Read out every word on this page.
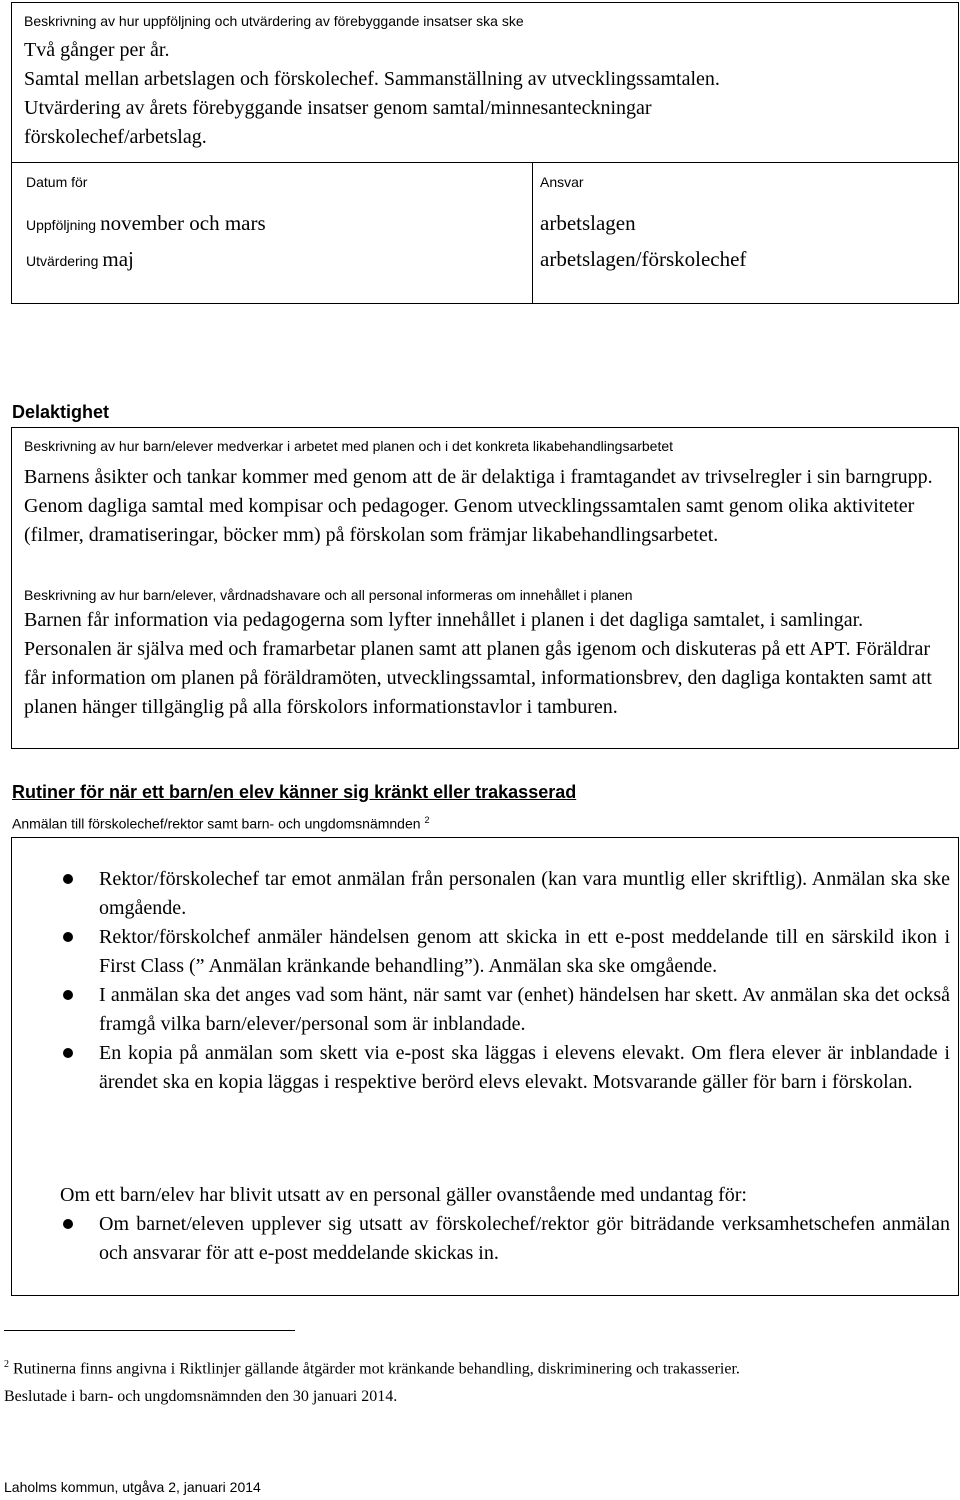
Beskrivning av hur uppföljning och utvärdering av förebyggande insatser ska ske
Två gånger per år.
Samtal mellan arbetslagen och förskolechef. Sammanställning av utvecklingssamtalen.
Utvärdering av årets förebyggande insatser genom samtal/minnesanteckningar
förskolechef/arbetslag.
Datum för	Ansvar
Uppföljning november och mars	arbetslagen
Utvärdering maj	arbetslagen/förskolechef
Delaktighet
Beskrivning av hur barn/elever medverkar i arbetet med planen och i det konkreta likabehandlingsarbetet
Barnens åsikter och tankar kommer med genom att de är delaktiga i framtagandet av trivselregler i sin barngrupp. Genom dagliga samtal med kompisar och pedagoger. Genom utvecklingssamtalen samt genom olika aktiviteter (filmer, dramatiseringar, böcker mm) på förskolan som främjar likabehandlingsarbetet.
Beskrivning av hur barn/elever, vårdnadshavare och all personal informeras om innehållet i planen
Barnen får information via pedagogerna som lyfter innehållet i planen i det dagliga samtalet, i samlingar. Personalen är själva med och framarbetar planen samt att planen gås igenom och diskuteras på ett APT. Föräldrar får information om planen på föräldramöten, utvecklingssamtal, informationsbrev, den dagliga kontakten samt att planen hänger tillgänglig på alla förskolors informationstavlor i tamburen.
Rutiner för när ett barn/en elev känner sig kränkt eller trakasserad
Anmälan till förskolechef/rektor samt barn- och ungdomsnämnden $^2$
Rektor/förskolechef tar emot anmälan från personalen (kan vara muntlig eller skriftlig). Anmälan ska ske omgående.
Rektor/förskolchef anmäler händelsen genom att skicka in ett e-post meddelande till en särskild ikon i First Class (” Anmälan kränkande behandling”). Anmälan ska ske omgående.
I anmälan ska det anges vad som hänt, när samt var (enhet) händelsen har skett. Av anmälan ska det också framgå vilka barn/elever/personal som är inblandade.
En kopia på anmälan som skett via e-post ska läggas i elevens elevakt. Om flera elever är inblandade i ärendet ska en kopia läggas i respektive berörd elevs elevakt. Motsvarande gäller för barn i förskolan.
Om ett barn/elev har blivit utsatt av en personal gäller ovanstående med undantag för:
Om barnet/eleven upplever sig utsatt av förskolechef/rektor gör biträdande verksamhetschefen anmälan och ansvarar för att e-post meddelande skickas in.
$^2$ Rutinerna finns angivna i Riktlinjer gällande åtgärder mot kränkande behandling, diskriminering och trakasserier.
Beslutade i barn- och ungdomsnämnden den 30 januari 2014.
Laholms kommun, utgåva 2, januari 2014
